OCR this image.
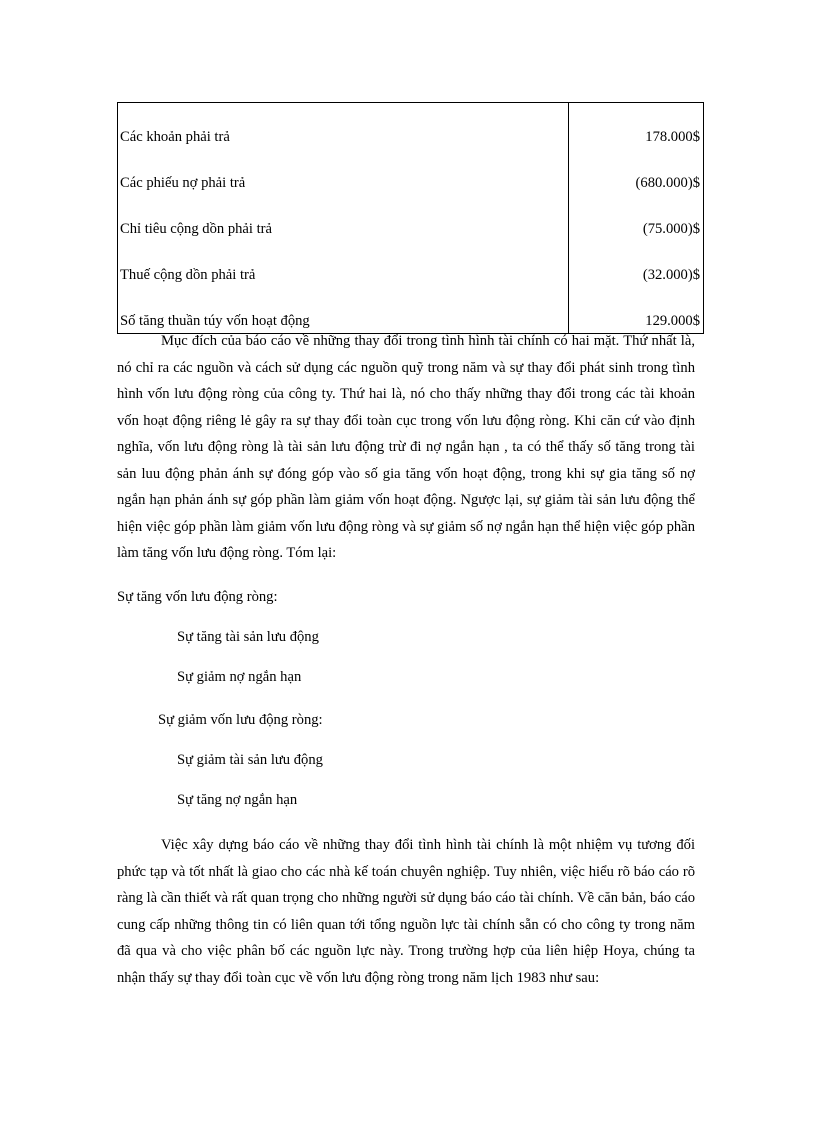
Các khoản phải trả	178.000$
Các phiếu nợ phải trả	(680.000)$
Chỉ tiêu cộng dồn phải trả	(75.000)$
Thuế cộng dồn phải trả	(32.000)$
Số tăng thuần túy vốn hoạt động	129.000$

Mục đích của báo cáo về những thay đổi trong tình hình tài chính có hai mặt. Thứ nhất là, nó chỉ ra các nguồn và cách sử dụng các nguồn quỹ trong năm và sự thay đổi phát sinh trong tình hình vốn lưu động ròng của công ty. Thứ hai là, nó cho thấy những thay đổi trong các tài khoản vốn hoạt động riêng lẻ gây ra sự thay đổi toàn cục trong vốn lưu động ròng. Khi căn cứ vào định nghĩa, vốn lưu động ròng là tài sản lưu động trừ đi nợ ngắn hạn , ta có thể thấy số tăng trong tài sản luu động phản ánh sự đóng góp vào số gia tăng vốn hoạt động, trong khi sự gia tăng số nợ ngắn hạn phản ánh sự góp phần làm giảm vốn hoạt động. Ngược lại, sự giảm tài sản lưu động thể hiện việc góp phần làm giảm vốn lưu động ròng và sự giảm số nợ ngắn hạn thể hiện việc góp phần làm tăng vốn lưu động ròng. Tóm lại:

Sự tăng vốn lưu động ròng:

Sự tăng tài sản lưu động

Sự giảm nợ ngắn hạn

Sự giảm vốn lưu động ròng:

Sự giảm tài sản lưu động

Sự tăng nợ ngắn hạn

Việc xây dựng báo cáo về những thay đổi tình hình tài chính là một nhiệm vụ tương đối phức tạp và tốt nhất là giao cho các nhà kế toán chuyên nghiệp. Tuy nhiên, việc hiểu rõ báo cáo rõ ràng là cần thiết và rất quan trọng cho những người sử dụng báo cáo tài chính. Về căn bản, báo cáo cung cấp những thông tin có liên quan tới tổng nguồn lực tài chính sẵn có cho công ty trong năm đã qua và cho việc phân bố các nguồn lực này. Trong trường hợp của liên hiệp Hoya, chúng ta nhận thấy sự thay đổi toàn cục về vốn lưu động ròng trong năm lịch 1983 như sau:
